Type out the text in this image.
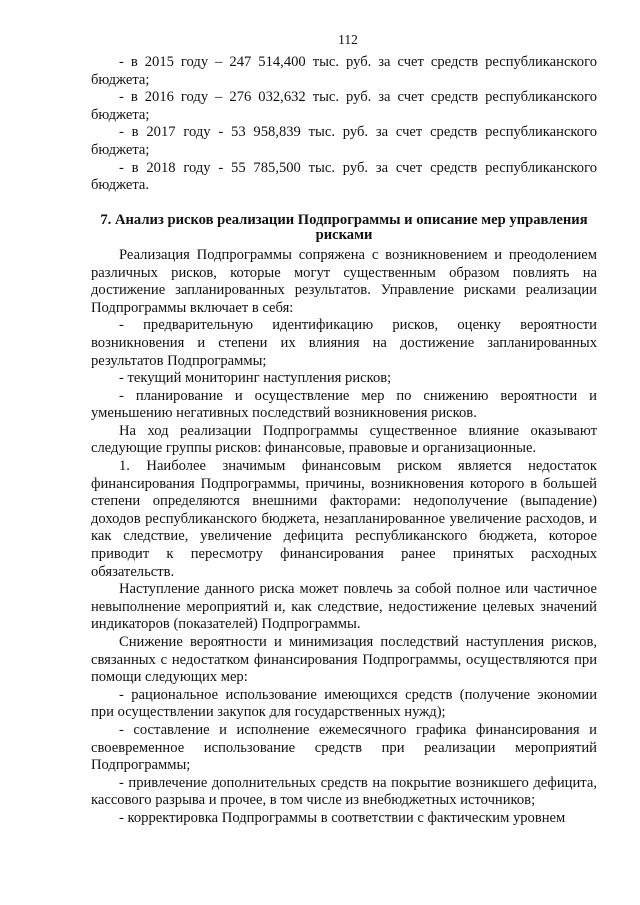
112

- в 2015 году – 247 514,400 тыс. руб. за счет средств республиканского бюджета;

- в 2016 году – 276 032,632 тыс. руб. за счет средств республиканского бюджета;

- в 2017 году - 53 958,839 тыс. руб. за счет средств республиканского бюджета;

- в 2018 году - 55 785,500 тыс. руб. за счет средств республиканского бюджета.

7. Анализ рисков реализации Подпрограммы и описание мер управления рисками

Реализация Подпрограммы сопряжена с возникновением и преодолением различных рисков, которые могут существенным образом повлиять на достижение запланированных результатов. Управление рисками реализации Подпрограммы включает в себя:

- предварительную идентификацию рисков, оценку вероятности возникновения и степени их влияния на достижение запланированных результатов Подпрограммы;

- текущий мониторинг наступления рисков;

- планирование и осуществление мер по снижению вероятности и уменьшению негативных последствий возникновения рисков.

На ход реализации Подпрограммы существенное влияние оказывают следующие группы рисков: финансовые, правовые и организационные.

1. Наиболее значимым финансовым риском является недостаток финансирования Подпрограммы, причины, возникновения которого в большей степени определяются внешними факторами: недополучение (выпадение) доходов республиканского бюджета, незапланированное увеличение расходов, и как следствие, увеличение дефицита республиканского бюджета, которое приводит к пересмотру финансирования ранее принятых расходных обязательств.

Наступление данного риска может повлечь за собой полное или частичное невыполнение мероприятий и, как следствие, недостижение целевых значений индикаторов (показателей) Подпрограммы.

Снижение вероятности и минимизация последствий наступления рисков, связанных с недостатком финансирования Подпрограммы, осуществляются при помощи следующих мер:

- рациональное использование имеющихся средств (получение экономии при осуществлении закупок для государственных нужд);

- составление и исполнение ежемесячного графика финансирования и своевременное использование средств при реализации мероприятий Подпрограммы;

- привлечение дополнительных средств на покрытие возникшего дефицита, кассового разрыва и прочее, в том числе из внебюджетных источников;

- корректировка Подпрограммы в соответствии с фактическим уровнем
